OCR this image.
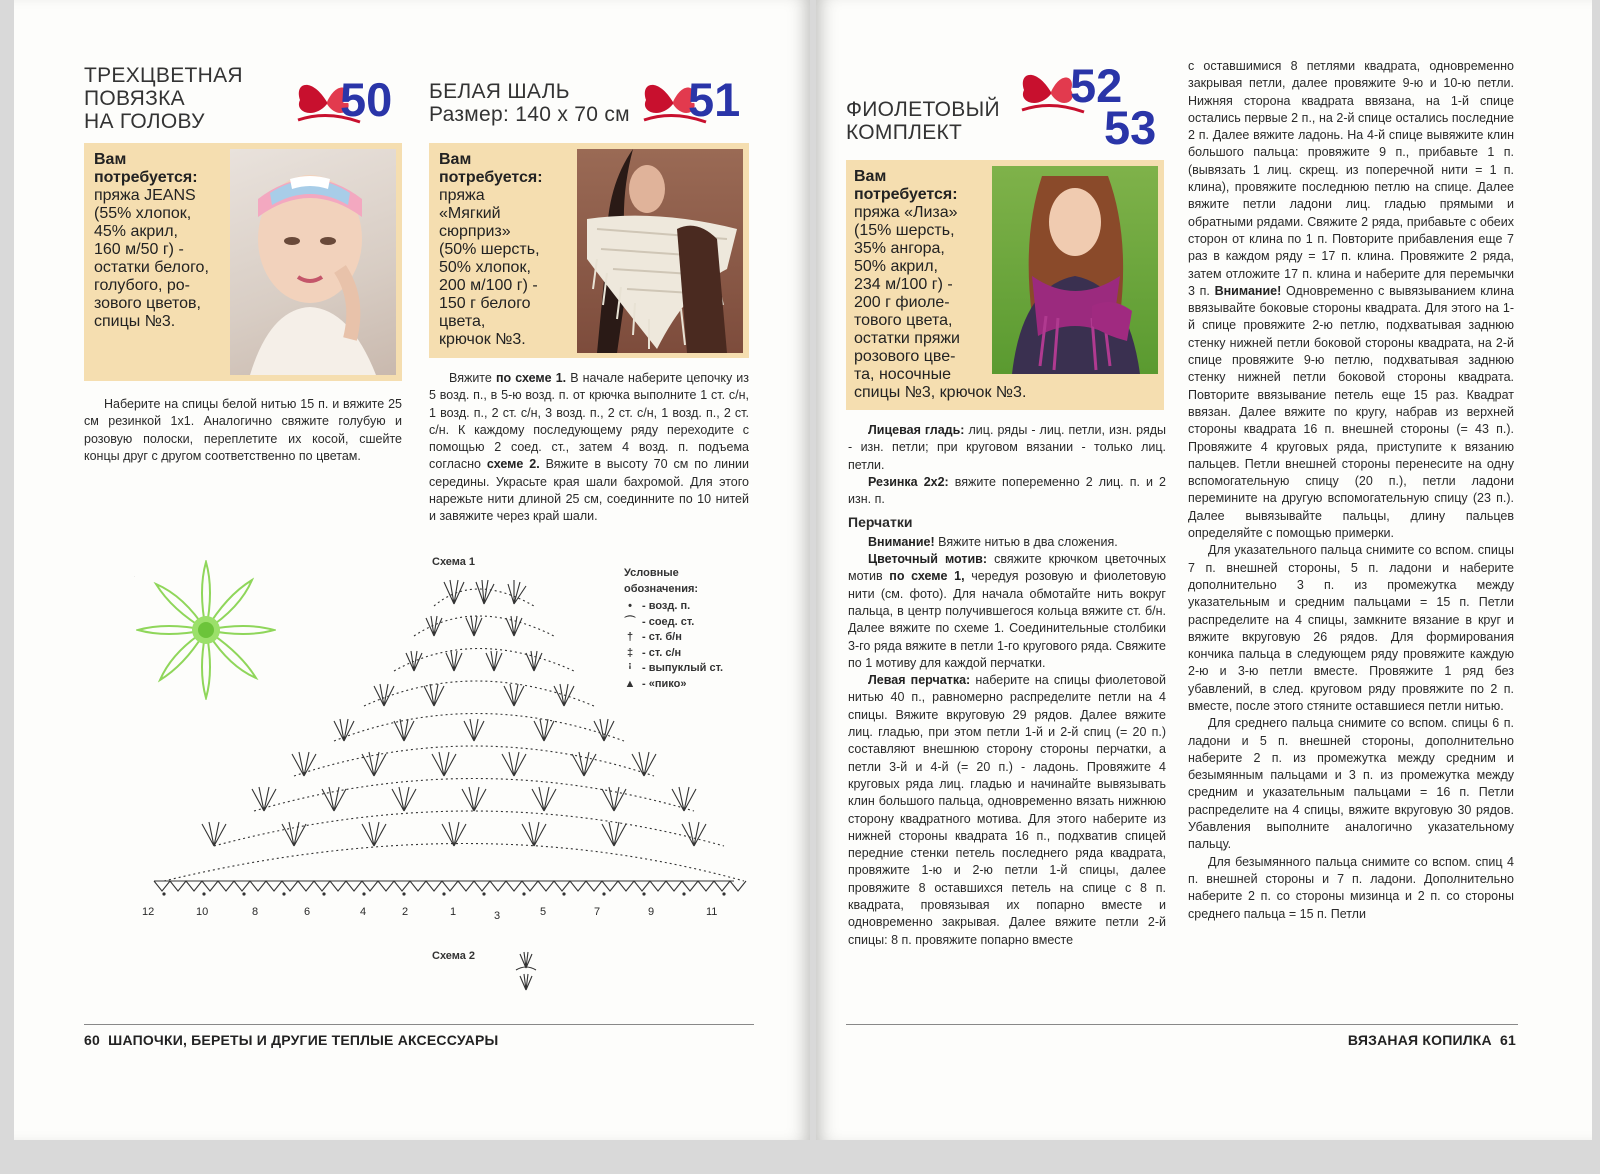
ТРЕХЦВЕТНАЯ
ПОВЯЗКА
НА ГОЛОВУ	50
Вам
потребуется:
пряжа JEANS
(55% хлопок,
45% акрил,
160 м/50 г) -
остатки белого,
голубого, ро-
зового цветов,
спицы №3.

Наберите на спицы белой нитью 15 п. и вяжите 25 см резинкой 1х1. Аналогично свяжите голубую и розовую полоски, переплетите их косой, сшейте концы друг с другом соответственно по цветам.

БЕЛАЯ ШАЛЬ
Размер: 140 х 70 см 51
Вам
потребуется:
пряжа
«Мягкий
сюрприз»
(50% шерсть,
50% хлопок,
200 м/100 г) -
150 г белого
цвета,
крючок №3.

Вяжите по схеме 1. В начале наберите цепочку из 5 возд. п., в 5-ю возд. п. от крючка выполните 1 ст. с/н, 1 возд. п., 2 ст. с/н, 3 возд. п., 2 ст. с/н, 1 возд. п., 2 ст. с/н. К каждому последующему ряду переходите с помощью 2 соед. ст., затем 4 возд. п. подъема согласно схеме 2. Вяжите в высоту 70 см по линии середины. Украсьте края шали бахромой. Для этого нарежьте нити длиной 25 см, соединните по 10 нитей и завяжите через край шали.

Схема 1
12	10	8	6	4	2	1	3	5	7	9	11
Условные
обозначения:
• - возд. п.
⌒ - соед. ст.
† - ст. б/н
‡ - ст. с/н
ꜟ - выпуклый ст.
▲ - «пико»
Схема 2
60 ШАПОЧКИ, БЕРЕТЫ И ДРУГИЕ ТЕПЛЫЕ АКСЕССУАРЫ
ФИОЛЕТОВЫЙ
КОМПЛЕКТ
52
53
Вам
потребуется:
пряжа «Лиза»
(15% шерсть,
35% ангора,
50% акрил,
234 м/100 г) -
200 г фиоле-
тового цвета,
остатки пряжи
розового цве-
та, носочные
спицы №3, крючок №3.

Лицевая гладь: лиц. ряды - лиц. петли, изн. ряды - изн. петли; при круговом вязании - только лиц. петли.

Резинка 2х2: вяжите попеременно 2 лиц. п. и 2 изн. п.

Перчатки

Внимание! Вяжите нитью в два сложения.

Цветочный мотив: свяжите крючком цветочных мотив по схеме 1, чередуя розовую и фиолетовую нити (см. фото). Для начала обмотайте нить вокруг пальца, в центр получившегося кольца вяжите ст. б/н. Далее вяжите по схеме 1. Соединительные столбики 3-го ряда вяжите в петли 1-го кругового ряда. Свяжите по 1 мотиву для каждой перчатки.

Левая перчатка: наберите на спицы фиолетовой нитью 40 п., равномерно распределите петли на 4 спицы. Вяжите вкруговую 29 рядов. Далее вяжите лиц. гладью, при этом петли 1-й и 2-й спиц (= 20 п.) составляют внешнюю сторону стороны перчатки, а петли 3-й и 4-й (= 20 п.) - ладонь. Провяжите 4 круговых ряда лиц. гладью и начинайте вывязывать клин большого пальца, одновременно вязать нижнюю сторону квадратного мотива. Для этого наберите из нижней стороны квадрата 16 п., подхватив спицей передние стенки петель последнего ряда квадрата, провяжите 1-ю и 2-ю петли 1-й спицы, далее провяжите 8 оставшихся петель на спице с 8 п. квадрата, провязывая их попарно вместе и одновременно закрывая. Далее вяжите петли 2-й спицы: 8 п. провяжите попарно вместе

с оставшимися 8 петлями квадрата, одновременно закрывая петли, далее провяжите 9-ю и 10-ю петли. Нижняя сторона квадрата ввязана, на 1-й спице остались первые 2 п., на 2-й спице остались последние 2 п. Далее вяжите ладонь. На 4-й спице вывяжите клин большого пальца: провяжите 9 п., прибавьте 1 п. (вывязать 1 лиц. скрещ. из поперечной нити = 1 п. клина), провяжите последнюю петлю на спице. Далее вяжите петли ладони лиц. гладью прямыми и обратными рядами. Свяжите 2 ряда, прибавьте с обеих сторон от клина по 1 п. Повторите прибавления еще 7 раз в каждом ряду = 17 п. клина. Провяжите 2 ряда, затем отложите 17 п. клина и наберите для перемычки 3 п. Внимание! Одновременно с вывязыванием клина ввязывайте боковые стороны квадрата. Для этого на 1-й спице провяжите 2-ю петлю, подхватывая заднюю стенку нижней петли боковой стороны квадрата, на 2-й спице провяжите 9-ю петлю, подхватывая заднюю стенку нижней петли боковой стороны квадрата. Повторите ввязывание петель еще 15 раз. Квадрат ввязан. Далее вяжите по кругу, набрав из верхней стороны квадрата 16 п. внешней стороны (= 43 п.). Провяжите 4 круговых ряда, приступите к вязанию пальцев. Петли внешней стороны перенесите на одну вспомогательную спицу (20 п.), петли ладони перемините на другую вспомогательную спицу (23 п.). Далее вывязывайте пальцы, длину пальцев определяйте с помощью примерки.

Для указательного пальца снимите со вспом. спицы 7 п. внешней стороны, 5 п. ладони и наберите дополнительно 3 п. из промежутка между указательным и средним пальцами = 15 п. Петли распределите на 4 спицы, замкните вязание в круг и вяжите вкруговую 26 рядов. Для формирования кончика пальца в следующем ряду провяжите каждую 2-ю и 3-ю петли вместе. Провяжите 1 ряд без убавлений, в след. круговом ряду провяжите по 2 п. вместе, после этого стяните оставшиеся петли нитью.

Для среднего пальца снимите со вспом. спицы 6 п. ладони и 5 п. внешней стороны, дополнительно наберите 2 п. из промежутка между средним и безымянным пальцами и 3 п. из промежутка между средним и указательным пальцами = 16 п. Петли распределите на 4 спицы, вяжите вкруговую 30 рядов. Убавления выполните аналогично указательному пальцу.

Для безымянного пальца снимите со вспом. спиц 4 п. внешней стороны и 7 п. ладони. Дополнительно наберите 2 п. со стороны мизинца и 2 п. со стороны среднего пальца = 15 п. Петли

ВЯЗАНАЯ КОПИЛКА 61
